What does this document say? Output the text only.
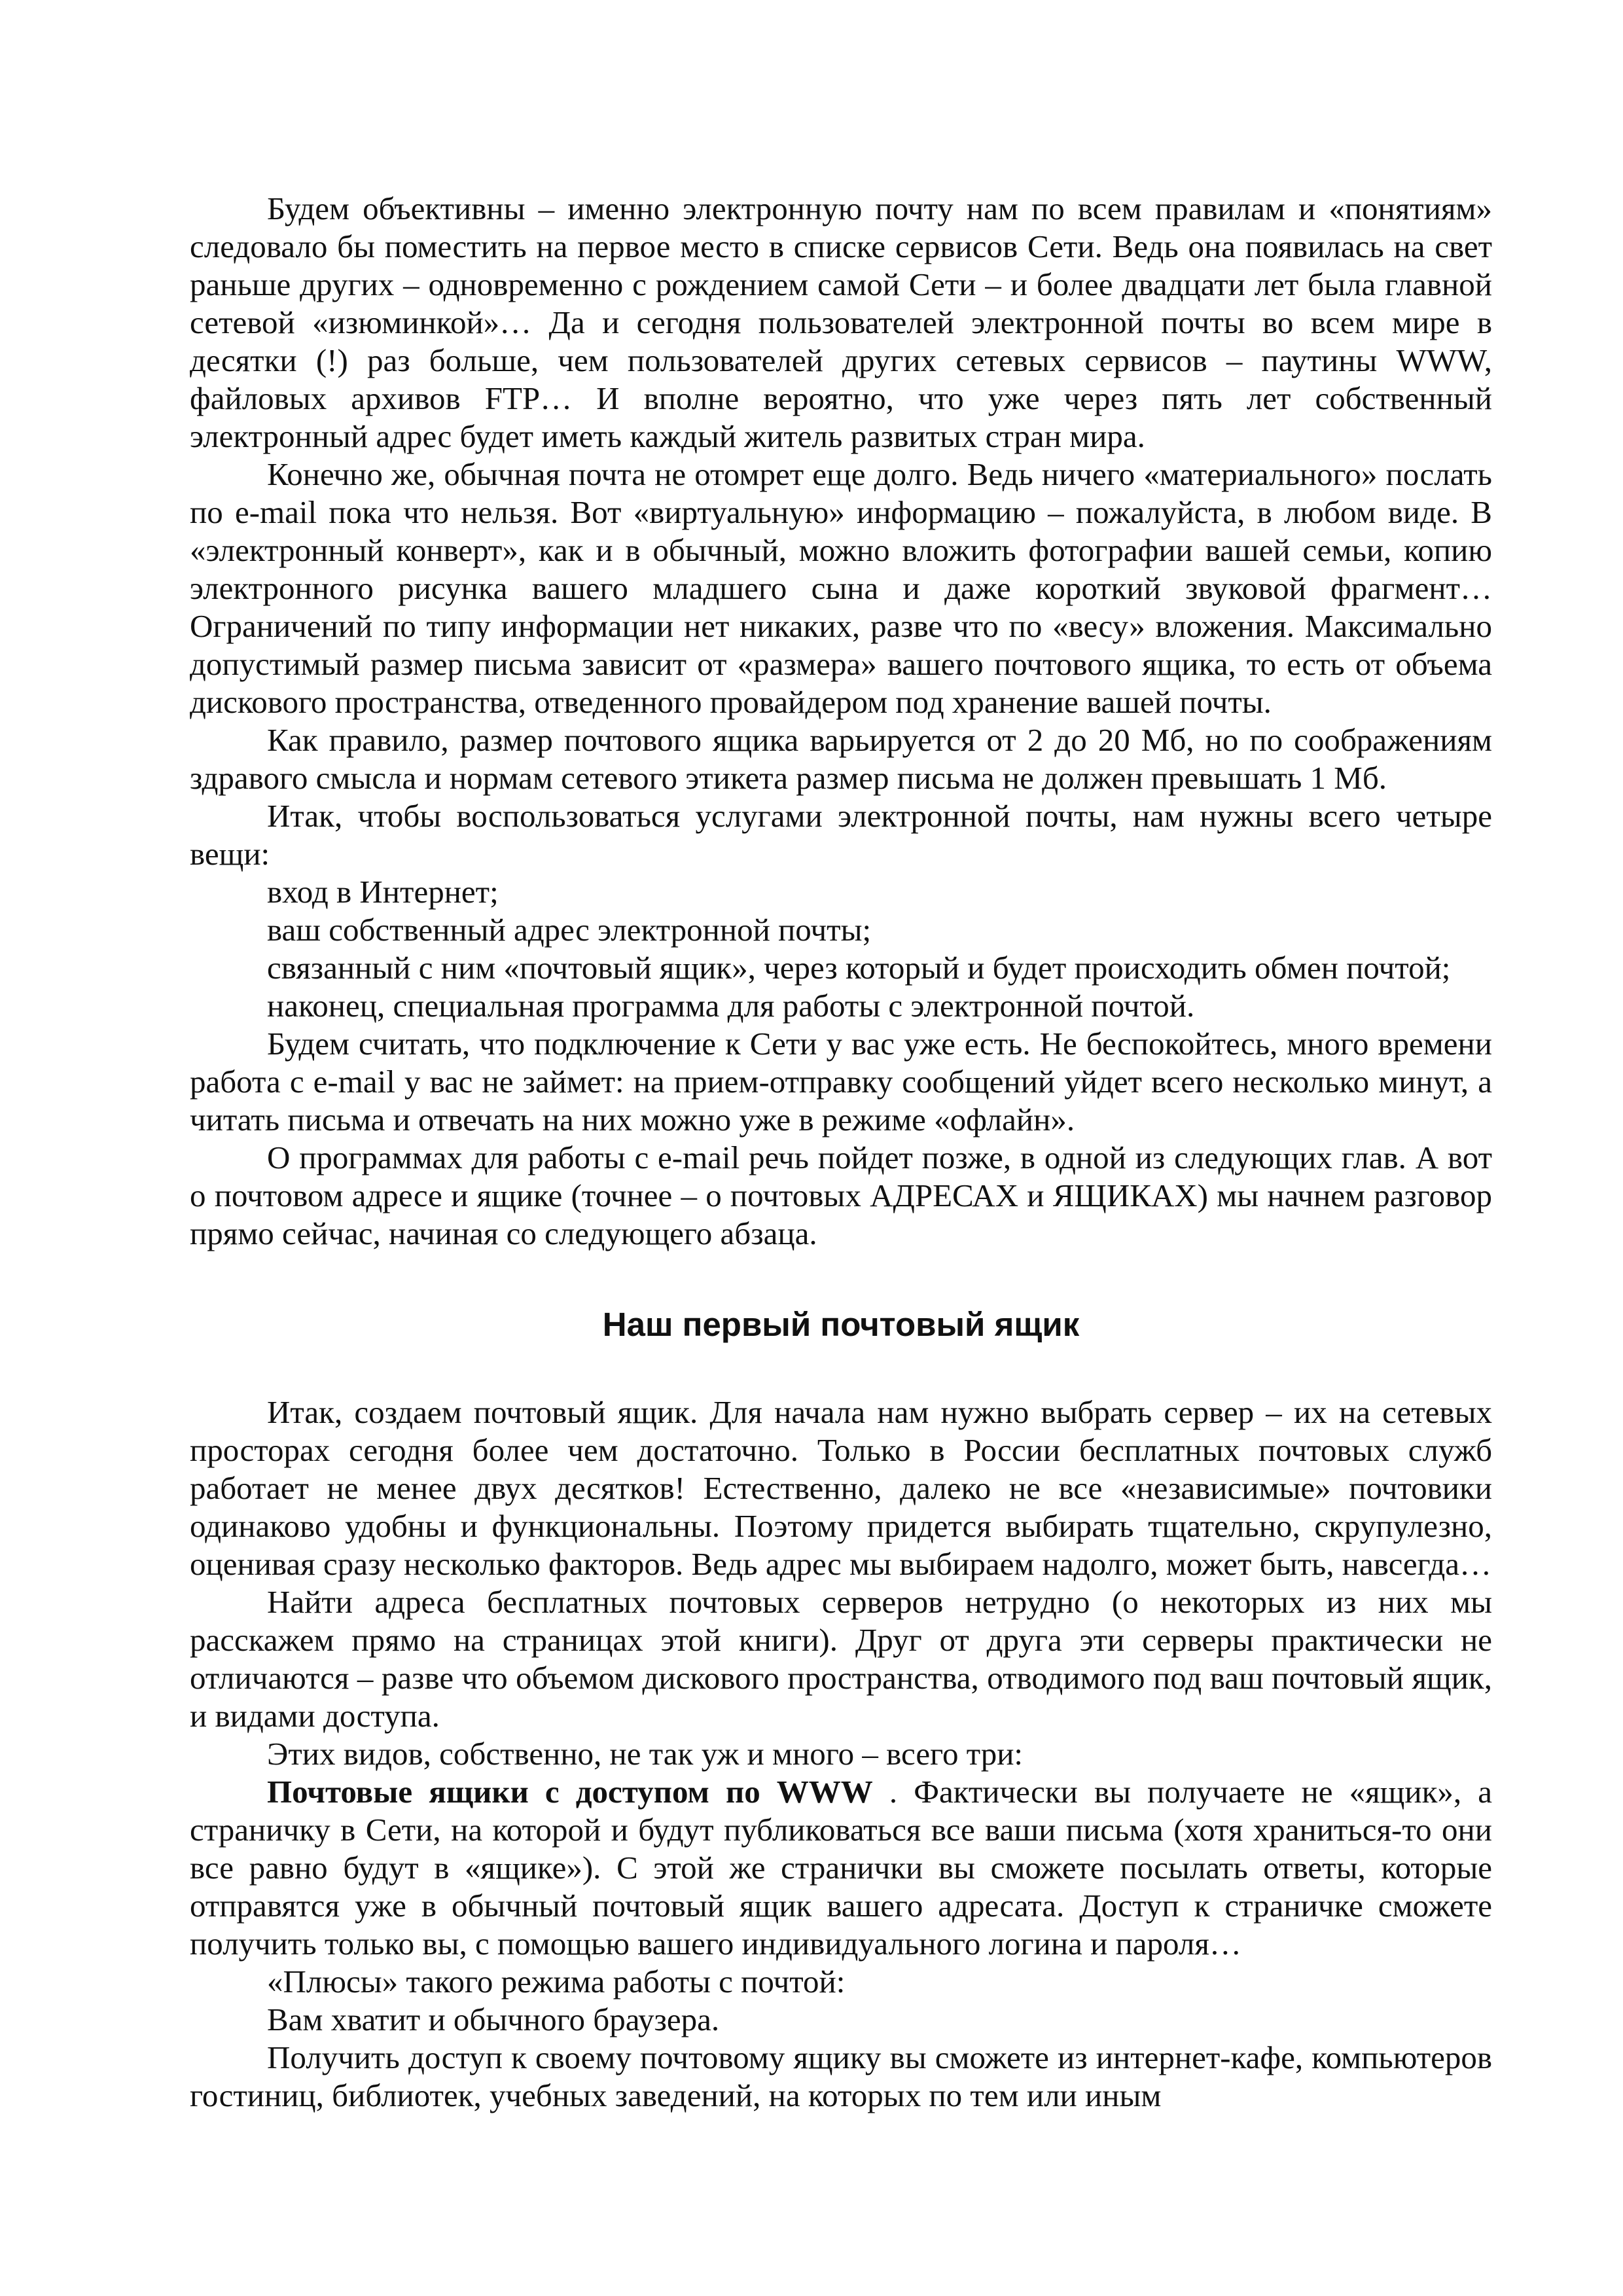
Будем объективны – именно электронную почту нам по всем правилам и «понятиям» следовало бы поместить на первое место в списке сервисов Сети. Ведь она появилась на свет раньше других – одновременно с рождением самой Сети – и более двадцати лет была главной сетевой «изюминкой»… Да и сегодня пользователей электронной почты во всем мире в десятки (!) раз больше, чем пользователей других сетевых сервисов – паутины WWW, файловых архивов FTP… И вполне вероятно, что уже через пять лет собственный электронный адрес будет иметь каждый житель развитых стран мира.

Конечно же, обычная почта не отомрет еще долго. Ведь ничего «материального» послать по e-mail пока что нельзя. Вот «виртуальную» информацию – пожалуйста, в любом виде. В «электронный конверт», как и в обычный, можно вложить фотографии вашей семьи, копию электронного рисунка вашего младшего сына и даже короткий звуковой фрагмент… Ограничений по типу информации нет никаких, разве что по «весу» вложения. Максимально допустимый размер письма зависит от «размера» вашего почтового ящика, то есть от объема дискового пространства, отведенного провайдером под хранение вашей почты.

Как правило, размер почтового ящика варьируется от 2 до 20 Мб, но по соображениям здравого смысла и нормам сетевого этикета размер письма не должен превышать 1 Мб.

Итак, чтобы воспользоваться услугами электронной почты, нам нужны всего четыре вещи:

вход в Интернет;

ваш собственный адрес электронной почты;

связанный с ним «почтовый ящик», через который и будет происходить обмен почтой;

наконец, специальная программа для работы с электронной почтой.

Будем считать, что подключение к Сети у вас уже есть. Не беспокойтесь, много времени работа с e-mail у вас не займет: на прием-отправку сообщений уйдет всего несколько минут, а читать письма и отвечать на них можно уже в режиме «офлайн».

О программах для работы с e-mail речь пойдет позже, в одной из следующих глав. А вот о почтовом адресе и ящике (точнее – о почтовых АДРЕСАХ и ЯЩИКАХ) мы начнем разговор прямо сейчас, начиная со следующего абзаца.

Наш первый почтовый ящик

Итак, создаем почтовый ящик. Для начала нам нужно выбрать сервер – их на сетевых просторах сегодня более чем достаточно. Только в России бесплатных почтовых служб работает не менее двух десятков! Естественно, далеко не все «независимые» почтовики одинаково удобны и функциональны. Поэтому придется выбирать тщательно, скрупулезно, оценивая сразу несколько факторов. Ведь адрес мы выбираем надолго, может быть, навсегда…

Найти адреса бесплатных почтовых серверов нетрудно (о некоторых из них мы расскажем прямо на страницах этой книги). Друг от друга эти серверы практически не отличаются – разве что объемом дискового пространства, отводимого под ваш почтовый ящик, и видами доступа.

Этих видов, собственно, не так уж и много – всего три:

Почтовые ящики с доступом по WWW . Фактически вы получаете не «ящик», а страничку в Сети, на которой и будут публиковаться все ваши письма (хотя храниться-то они все равно будут в «ящике»). С этой же странички вы сможете посылать ответы, которые отправятся уже в обычный почтовый ящик вашего адресата. Доступ к страничке сможете получить только вы, с помощью вашего индивидуального логина и пароля…

«Плюсы» такого режима работы с почтой:

Вам хватит и обычного браузера.

Получить доступ к своему почтовому ящику вы сможете из интернет-кафе, компьютеров гостиниц, библиотек, учебных заведений, на которых по тем или иным
